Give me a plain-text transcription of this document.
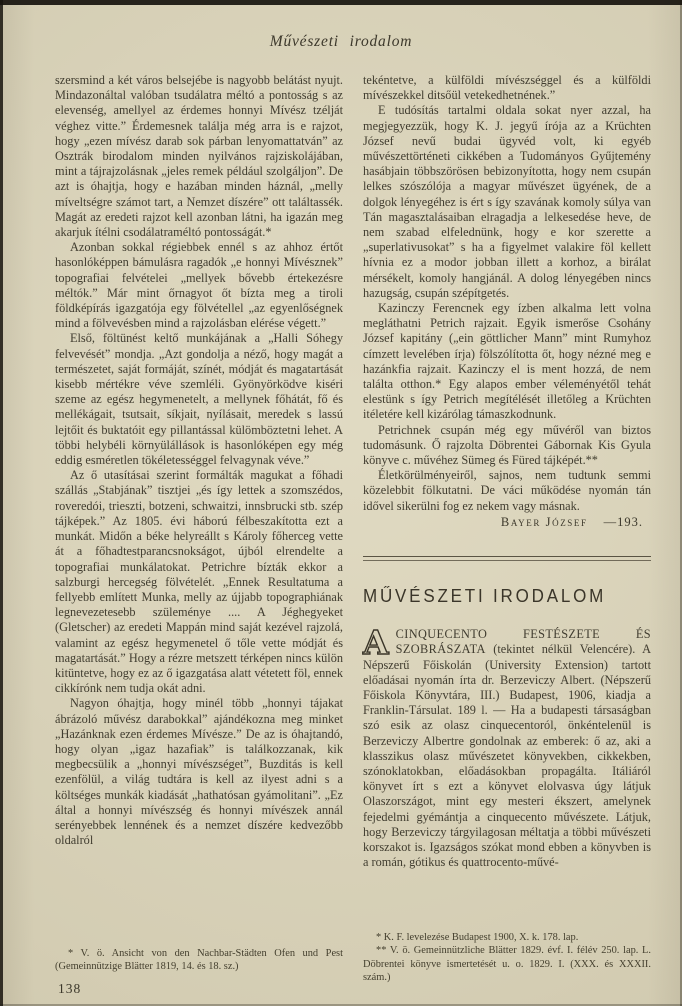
Művészeti irodalom

szersmind a két város belsejébe is nagyobb belátást nyujt. Mindazonáltal valóban tsudálatra méltó a pontosság s az elevenség, amellyel az érdemes honnyi Mívész tzélját véghez vitte.” Érdemesnek találja még arra is e rajzot, hogy „ezen mívész darab sok párban lenyomattatván” az Osztrák birodalom minden nyilvános rajziskolájában, mint a tájrajzolásnak „jeles remek például szolgáljon”. De azt is óhajtja, hogy e hazában minden háznál, „melly míveltségre számot tart, a Nemzet díszére” ott találtassék. Magát az eredeti rajzot kell azonban látni, ha igazán meg akarjuk ítélni csodálatraméltó pontosságát.*

Azonban sokkal régiebbek ennél s az ahhoz értőt hasonlóképpen bámulásra ragadók „e honnyi Mívésznek” topografiai felvételei „mellyek bővebb értekezésre méltók.” Már mint őrnagyot őt bízta meg a tiroli földképírás igazgatója egy fölvétellel „az egyenlőségnek mind a fölvevésben mind a rajzolásban elérése végett.”

Első, föltünést keltő munkájának a „Halli Sóhegy felvevését” mondja. „Azt gondolja a néző, hogy magát a természetet, saját formáját, színét, módját és magatartását kisebb mértékre véve szemléli. Gyönyörködve kiséri szeme az egész hegymenetelt, a mellynek főhátát, fő és mellékágait, tsutsait, síkjait, nyílásait, meredek s lassú lejtőit és buktatóit egy pillantással külömböztetni lehet. A többi helybéli környülállások is hasonlóképen egy még eddig esméretlen tökéletességgel felvagynak véve.”

Az ő utasításai szerint formálták magukat a főhadi szállás „Stabjának” tisztjei „és így lettek a szomszédos, roveredói, trieszti, botzeni, schwaitzi, innsbrucki stb. szép tájképek.” Az 1805. évi háború félbeszakította ezt a munkát. Midőn a béke helyreállt s Károly főherceg vette át a főhadtestparancsnokságot, újból elrendelte a topografiai munkálatokat. Petrichre bízták ekkor a salzburgi hercegség fölvételét. „Ennek Resultatuma a fellyebb említett Munka, melly az újjabb topographiának legnevezetesebb szüleménye .... A Jéghegyeket (Gletscher) az eredeti Mappán mind saját kezével rajzolá, valamint az egész hegymenetel ő tőle vette módját és magatartását.” Hogy a rézre metszett térképen nincs külön kitüntetve, hogy ez az ő igazgatása alatt vétetett föl, ennek cikkírónk nem tudja okát adni.

Nagyon óhajtja, hogy minél több „honnyi tájakat ábrázoló művész darabokkal” ajándékozna meg minket „Hazánknak ezen érdemes Mívésze.” De az is óhajtandó, hogy olyan „igaz hazafiak” is találkozzanak, kik megbecsülik a „honnyi mívészséget”, Buzditás is kell ezenfölül, a világ tudtára is kell az ilyest adni s a költséges munkák kiadását „hathatósan gyámolitani”. „Ez által a honnyi mívészség és honnyi mívészek annál serényebbek lennének és a nemzet díszére kedvezőbb oldalról

tekéntetve, a külföldi mívészséggel és a külföldi mívészekkel ditsőül vetekedhetnének.”

E tudósítás tartalmi oldala sokat nyer azzal, ha megjegyezzük, hogy K. J. jegyű írója az a Krüchten József nevű budai ügyvéd volt, ki egyéb művészettörténeti cikkében a Tudományos Gyűjtemény hasábjain többszörösen bebizonyította, hogy nem csupán lelkes szószólója a magyar művészet ügyének, de a dolgok lényegéhez is ért s így szavának komoly súlya van Tán magasztalásaiban elragadja a lelkesedése heve, de nem szabad elfelednünk, hogy e kor szerette a „superlativusokat” s ha a figyelmet valakire föl kellett hívnia ez a modor jobban illett a korhoz, a birálat mérsékelt, komoly hangjánál. A dolog lényegében nincs hazugság, csupán szépítgetés.

Kazinczy Ferencnek egy ízben alkalma lett volna megláthatni Petrich rajzait. Egyik ismerőse Csohány József kapitány („ein göttlicher Mann” mint Rumyhoz címzett levelében írja) fölszólította őt, hogy nézné meg e hazánkfia rajzait. Kazinczy el is ment hozzá, de nem találta otthon.* Egy alapos ember véleményétől tehát elestünk s így Petrich megítélését illetőleg a Krüchten itéletére kell kizárólag támaszkodnunk.

Petrichnek csupán még egy művéről van biztos tudomásunk. Ő rajzolta Döbrentei Gábornak Kis Gyula könyve c. művéhez Sümeg és Füred tájképét.**

Életkörülményeiről, sajnos, nem tudtunk semmi közelebbit fölkutatni. De váci működése nyomán tán idővel sikerülni fog ez nekem vagy másnak.

Bayer József —193.
MŰVÉSZETI IRODALOM
A CINQUECENTO FESTÉSZETE ÉS SZOBRÁSZATA (tekintet nélkül Velencére). A Népszerű Főiskolán (University Extension) tartott előadásai nyomán írta dr. Berzeviczy Albert. (Népszerű Főiskola Könyvtára, III.) Budapest, 1906, kiadja a Franklin-Társulat. 189 l. — Ha a budapesti társaságban szó esik az olasz cinquecentoról, önkéntelenül is Berzeviczy Albertre gondolnak az emberek: ő az, aki a klasszikus olasz művészetet könyvekben, cikkekben, szónoklatokban, előadásokban propagálta. Itáliáról könyvet írt s ezt a könyvet elolvasva úgy látjuk Olaszországot, mint egy mesteri ékszert, amelynek fejedelmi gyémántja a cinquecento művészete. Látjuk, hogy Berzeviczy tárgyilagosan méltatja a többi művészeti korszakot is. Igazságos szókat mond ebben a könyvben is a román, gótikus és quattrocento-művé-
* V. ö. Ansicht von den Nachbar-Städten Ofen und Pest (Gemeinnützige Blätter 1819, 14. és 18. sz.)

* K. F. levelezése Budapest 1900, X. k. 178. lap.

** V. ö. Gemeinnützliche Blätter 1829. évf. I. félév 250. lap. L. Döbrentei könyve ismertetését u. o. 1829. I. (XXX. és XXXII. szám.)

138
